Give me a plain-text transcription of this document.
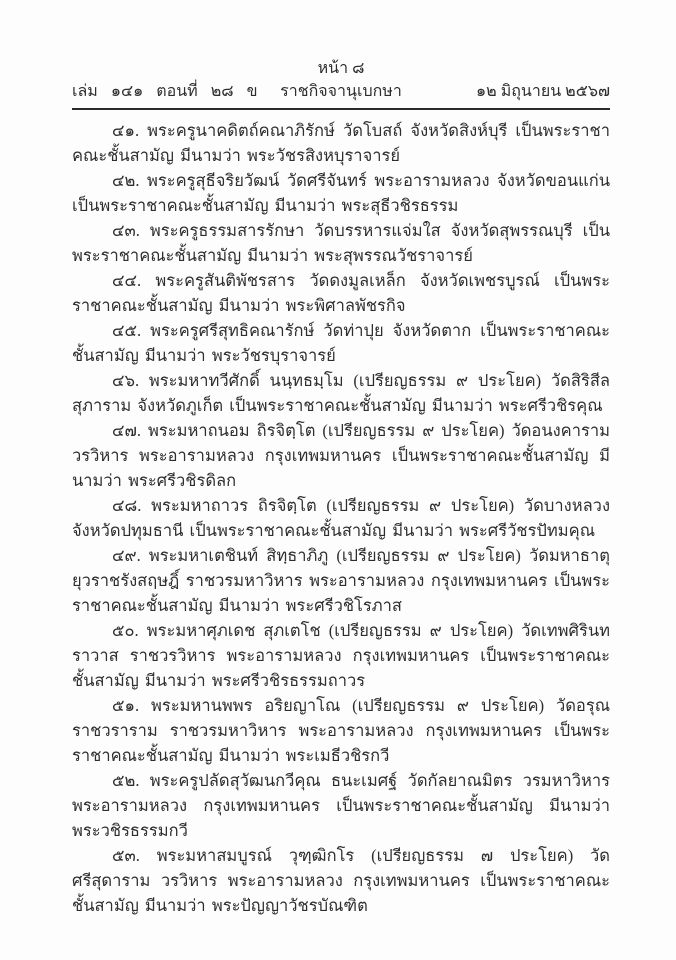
หน้า ๘
เล่ม ๑๔๑ ตอนที่ ๒๘ ข	ราชกิจจานุเบกษา	๑๒ มิถุนายน ๒๕๖๗

๔๑. พระครูนาคดิตถ์คณาภิรักษ์ วัดโบสถ์ จังหวัดสิงห์บุรี เป็นพระราชาคณะชั้นสามัญ มีนามว่า พระวัชรสิงหบุราจารย์

๔๒. พระครูสุธีจริยวัฒน์ วัดศรีจันทร์ พระอารามหลวง จังหวัดขอนแก่น เป็นพระราชาคณะชั้นสามัญ มีนามว่า พระสุธีวชิรธรรม

๔๓. พระครูธรรมสารรักษา วัดบรรหารแจ่มใส จังหวัดสุพรรณบุรี เป็นพระราชาคณะชั้นสามัญ มีนามว่า พระสุพรรณวัชราจารย์

๔๔. พระครูสันติพัชรสาร วัดดงมูลเหล็ก จังหวัดเพชรบูรณ์ เป็นพระราชาคณะชั้นสามัญ มีนามว่า พระพิศาลพัชรกิจ

๔๕. พระครูศรีสุทธิคณารักษ์ วัดท่าปุย จังหวัดตาก เป็นพระราชาคณะชั้นสามัญ มีนามว่า พระวัชรบุราจารย์

๔๖. พระมหาทวีศักดิ์ นนฺทธมฺโม (เปรียญธรรม ๙ ประโยค) วัดสิริสีลสุภาราม จังหวัดภูเก็ต เป็นพระราชาคณะชั้นสามัญ มีนามว่า พระศรีวชิรคุณ

๔๗. พระมหาถนอม ถิรจิตฺโต (เปรียญธรรม ๙ ประโยค) วัดอนงคาราม วรวิหาร พระอารามหลวง กรุงเทพมหานคร เป็นพระราชาคณะชั้นสามัญ มีนามว่า พระศรีวชิรดิลก

๔๘. พระมหาถาวร ถิรจิตฺโต (เปรียญธรรม ๙ ประโยค) วัดบางหลวง จังหวัดปทุมธานี เป็นพระราชาคณะชั้นสามัญ มีนามว่า พระศรีวัชรปัทมคุณ

๔๙. พระมหาเตชินท์ สิทฺธาภิภู (เปรียญธรรม ๙ ประโยค) วัดมหาธาตุยุวราชรังสฤษฎิ์ ราชวรมหาวิหาร พระอารามหลวง กรุงเทพมหานคร เป็นพระราชาคณะชั้นสามัญ มีนามว่า พระศรีวชิโรภาส

๕๐. พระมหาศุภเดช สุภเตโช (เปรียญธรรม ๙ ประโยค) วัดเทพศิรินทราวาส ราชวรวิหาร พระอารามหลวง กรุงเทพมหานคร เป็นพระราชาคณะชั้นสามัญ มีนามว่า พระศรีวชิรธรรมถาวร

๕๑. พระมหานพพร อริยญาโณ (เปรียญธรรม ๙ ประโยค) วัดอรุณราชวราราม ราชวรมหาวิหาร พระอารามหลวง กรุงเทพมหานคร เป็นพระราชาคณะชั้นสามัญ มีนามว่า พระเมธีวชิรกวี

๕๒. พระครูปลัดสุวัฒนกวีคุณ ธนะเมศฐ์ วัดกัลยาณมิตร วรมหาวิหาร พระอารามหลวง กรุงเทพมหานคร เป็นพระราชาคณะชั้นสามัญ มีนามว่า พระวชิรธรรมกวี

๕๓. พระมหาสมบูรณ์ วุฑฺฒิกโร (เปรียญธรรม ๗ ประโยค) วัดศรีสุดาราม วรวิหาร พระอารามหลวง กรุงเทพมหานคร เป็นพระราชาคณะชั้นสามัญ มีนามว่า พระปัญญาวัชรบัณฑิต
